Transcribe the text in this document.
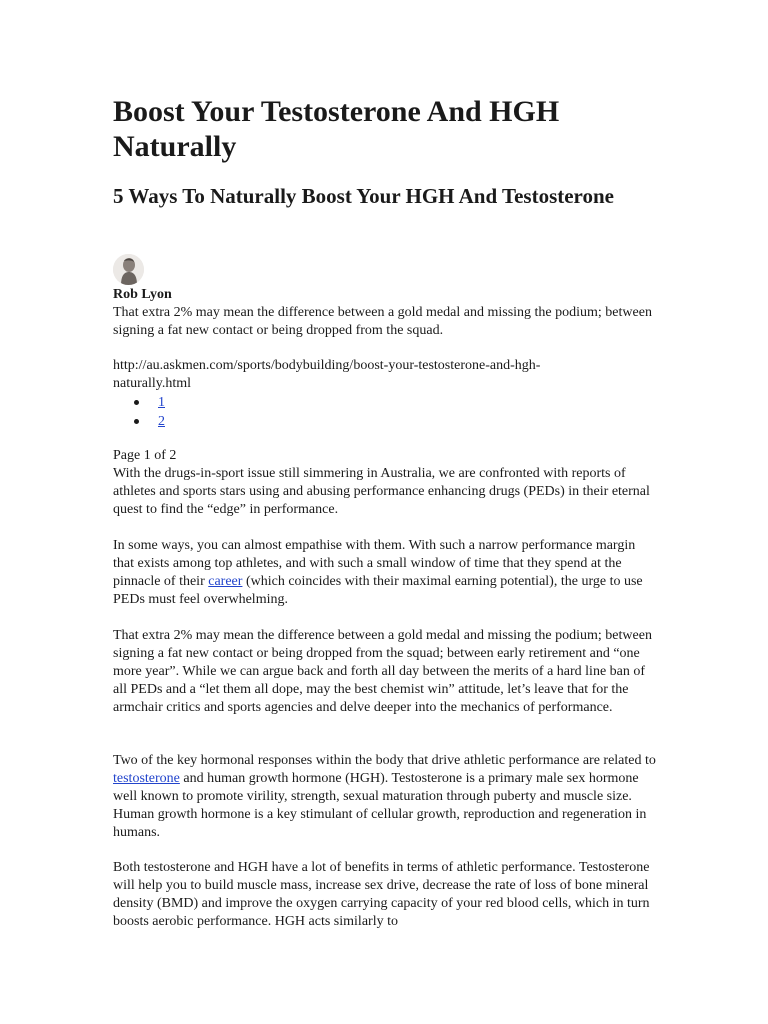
Boost Your Testosterone And HGH Naturally
5 Ways To Naturally Boost Your HGH And Testosterone
Rob Lyon

That extra 2% may mean the difference between a gold medal and missing the podium; between signing a fat new contact or being dropped from the squad.

http://au.askmen.com/sports/bodybuilding/boost-your-testosterone-and-hgh-naturally.html

1
2

Page 1 of 2

With the drugs-in-sport issue still simmering in Australia, we are confronted with reports of athletes and sports stars using and abusing performance enhancing drugs (PEDs) in their eternal quest to find the “edge” in performance.

In some ways, you can almost empathise with them. With such a narrow performance margin that exists among top athletes, and with such a small window of time that they spend at the pinnacle of their career (which coincides with their maximal earning potential), the urge to use PEDs must feel overwhelming.

That extra 2% may mean the difference between a gold medal and missing the podium; between signing a fat new contact or being dropped from the squad; between early retirement and “one more year”. While we can argue back and forth all day between the merits of a hard line ban of all PEDs and a “let them all dope, may the best chemist win” attitude, let’s leave that for the armchair critics and sports agencies and delve deeper into the mechanics of performance.

Two of the key hormonal responses within the body that drive athletic performance are related to testosterone and human growth hormone (HGH). Testosterone is a primary male sex hormone well known to promote virility, strength, sexual maturation through puberty and muscle size. Human growth hormone is a key stimulant of cellular growth, reproduction and regeneration in humans.

Both testosterone and HGH have a lot of benefits in terms of athletic performance. Testosterone will help you to build muscle mass, increase sex drive, decrease the rate of loss of bone mineral density (BMD) and improve the oxygen carrying capacity of your red blood cells, which in turn boosts aerobic performance. HGH acts similarly to
